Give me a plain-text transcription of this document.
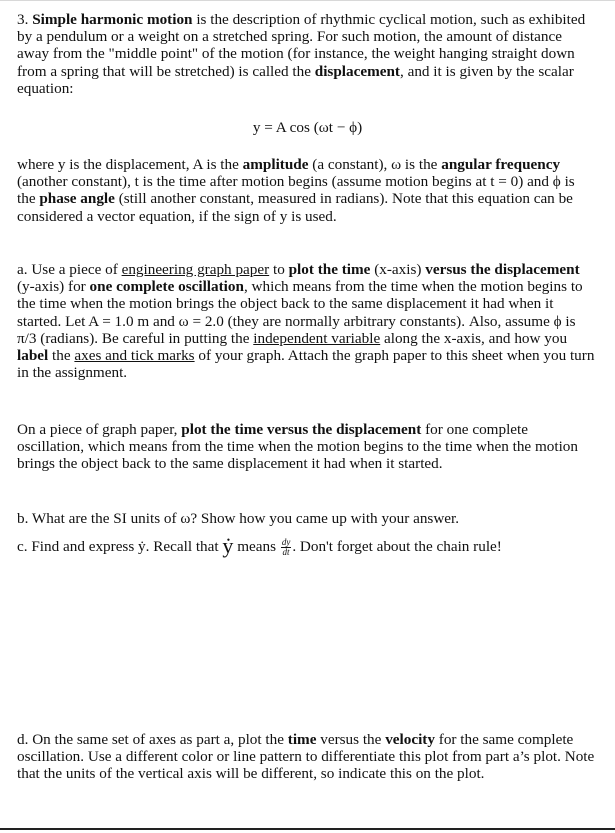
3. Simple harmonic motion is the description of rhythmic cyclical motion, such as exhibited by a pendulum or a weight on a stretched spring. For such motion, the amount of distance away from the "middle point" of the motion (for instance, the weight hanging straight down from a spring that will be stretched) is called the displacement, and it is given by the scalar equation:
y = A cos (ωt − ϕ)
where y is the displacement, A is the amplitude (a constant), ω is the angular frequency (another constant), t is the time after motion begins (assume motion begins at t = 0) and ϕ is the phase angle (still another constant, measured in radians). Note that this equation can be considered a vector equation, if the sign of y is used.
a. Use a piece of engineering graph paper to plot the time (x-axis) versus the displacement (y-axis) for one complete oscillation, which means from the time when the motion begins to the time when the motion brings the object back to the same displacement it had when it started. Let A = 1.0 m and ω = 2.0 (they are normally arbitrary constants). Also, assume ϕ is π/3 (radians). Be careful in putting the independent variable along the x-axis, and how you label the axes and tick marks of your graph. Attach the graph paper to this sheet when you turn in the assignment.
On a piece of graph paper, plot the time versus the displacement for one complete oscillation, which means from the time when the motion begins to the time when the motion brings the object back to the same displacement it had when it started.
b. What are the SI units of ω? Show how you came up with your answer.
c. Find and express ẏ. Recall that ẏ means $\frac{dy}{dt}$ . Don't forget about the chain rule!
d. On the same set of axes as part a, plot the time versus the velocity for the same complete oscillation. Use a different color or line pattern to differentiate this plot from part a’s plot. Note that the units of the vertical axis will be different, so indicate this on the plot.
